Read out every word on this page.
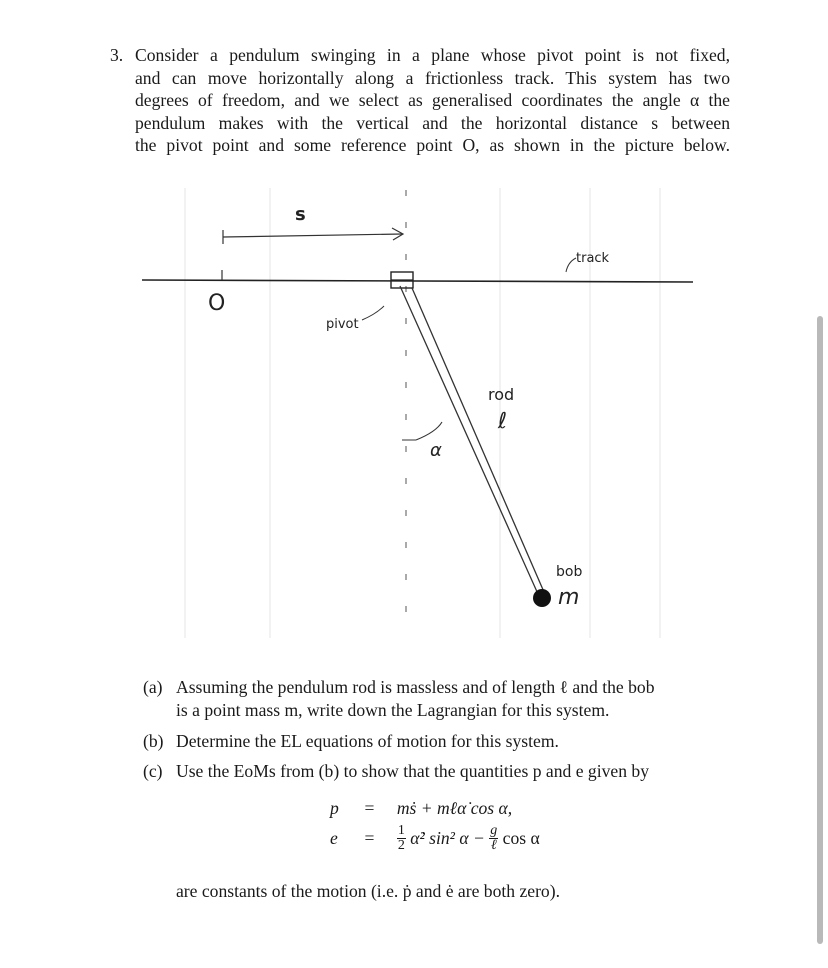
3. Consider a pendulum swinging in a plane whose pivot point is not fixed,
and can move horizontally along a frictionless track. This system has two
degrees of freedom, and we select as generalised coordinates the angle α the
pendulum makes with the vertical and the horizontal distance s between
the pivot point and some reference point O, as shown in the picture below.
O
s
pivot
track
rod
ℓ
α
bob
m
(a) Assuming the pendulum rod is massless and of length ℓ and the bob
is a point mass m, write down the Lagrangian for this system.
(b) Determine the EL equations of motion for this system.
(c) Use the EoMs from (b) to show that the quantities p and e given by
p = mṡ + mℓα̇ cos α,
$e = \frac{1}{2}$ α̇² sin² $\alpha - \frac{g}{\text{ℓ}}$ cos α
are constants of the motion (i.e. ṗ and ė are both zero).
